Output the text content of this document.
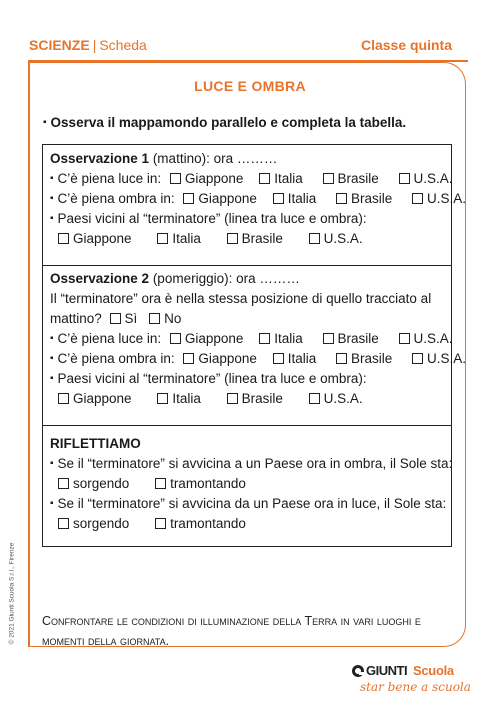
SCIENZE | Scheda	Classe quinta
LUCE E OMBRA
▪ Osserva il mappamondo parallelo e completa la tabella.
Osservazione 1 (mattino): ora ………
▪ C’è piena luce in: Giappone Italia	Brasile	U.S.A.
▪ C’è piena ombra in: Giappone Italia	Brasile	U.S.A.
▪ Paesi vicini al “terminatore” (linea tra luce e ombra):
Giappone	Italia	Brasile	U.S.A.
Osservazione 2 (pomeriggio): ora ………
Il “terminatore” ora è nella stessa posizione di quello tracciato al
mattino? Sì No
▪ C’è piena luce in: Giappone Italia	Brasile	U.S.A.
▪ C’è piena ombra in: Giappone Italia	Brasile	U.S.A.
▪ Paesi vicini al “terminatore” (linea tra luce e ombra):
Giappone	Italia	Brasile	U.S.A.
RIFLETTIAMO
▪ Se il “terminatore” si avvicina a un Paese ora in ombra, il Sole sta:
sorgendo	tramontando
▪ Se il “terminatore” si avvicina da un Paese ora in luce, il Sole sta:
sorgendo	tramontando
Confrontare le condizioni di illuminazione della Terra in vari luoghi e momenti della giornata.
© 2021 Giunti Scuola S.r.l., Firenze
GIUNTI Scuola
star bene a scuola
